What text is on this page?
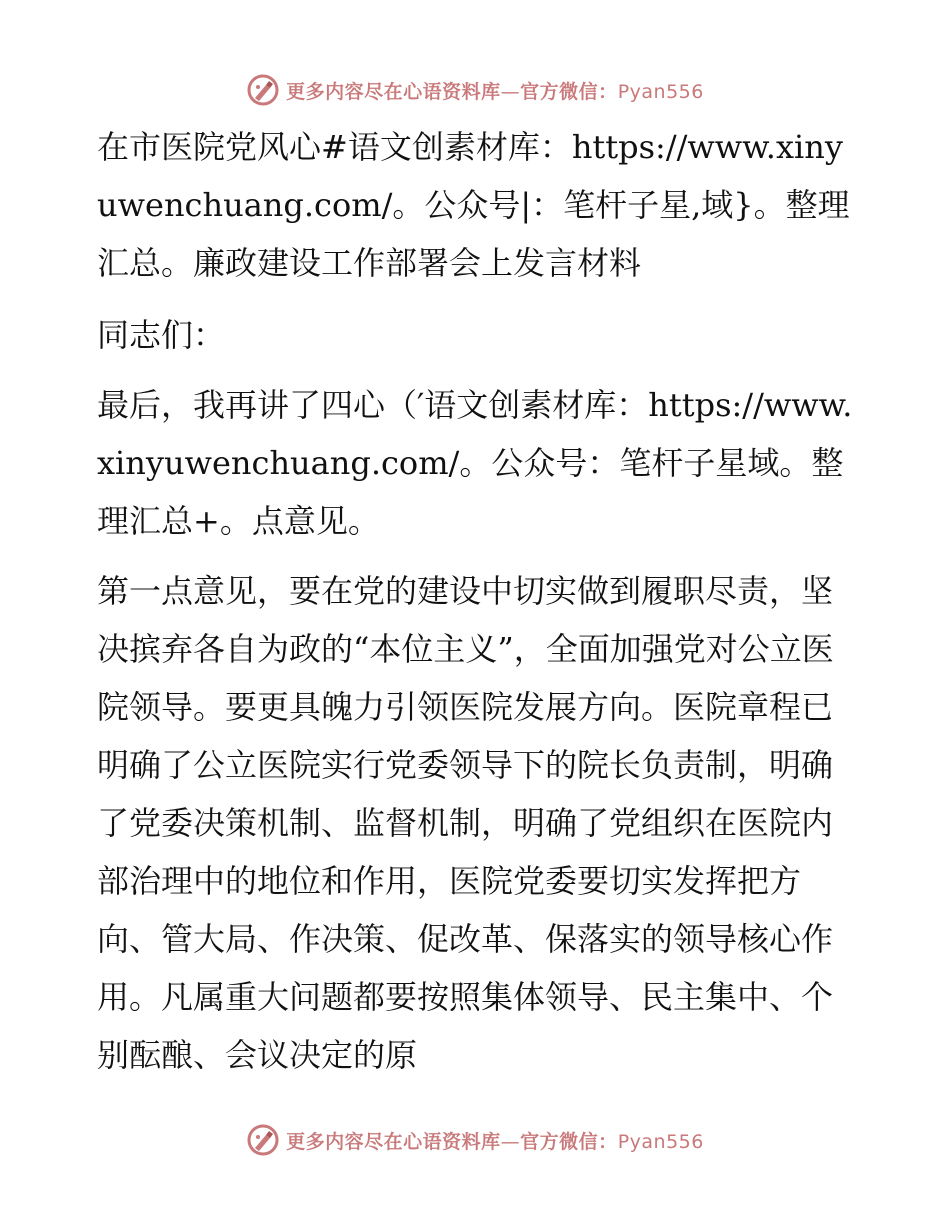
更多内容尽在心语资料库—官方微信：Pyan556

在市医院党风心#语文创素材库：https://www.xinyuwenchuang.com/。公众号|：笔杆子星,域}。整理汇总。廉政建设工作部署会上发言材料

同志们：

最后，我再讲了四心（′语文创素材库：https://www.xinyuwenchuang.com/。公众号：笔杆子星域。整理汇总+。点意见。

第一点意见，要在党的建设中切实做到履职尽责，坚决摈弃各自为政的“本位主义”，全面加强党对公立医院领导。要更具魄力引领医院发展方向。医院章程已明确了公立医院实行党委领导下的院长负责制，明确了党委决策机制、监督机制，明确了党组织在医院内部治理中的地位和作用，医院党委要切实发挥把方向、管大局、作决策、促改革、保落实的领导核心作用。凡属重大问题都要按照集体领导、民主集中、个别酝酿、会议决定的原

更多内容尽在心语资料库—官方微信：Pyan556
